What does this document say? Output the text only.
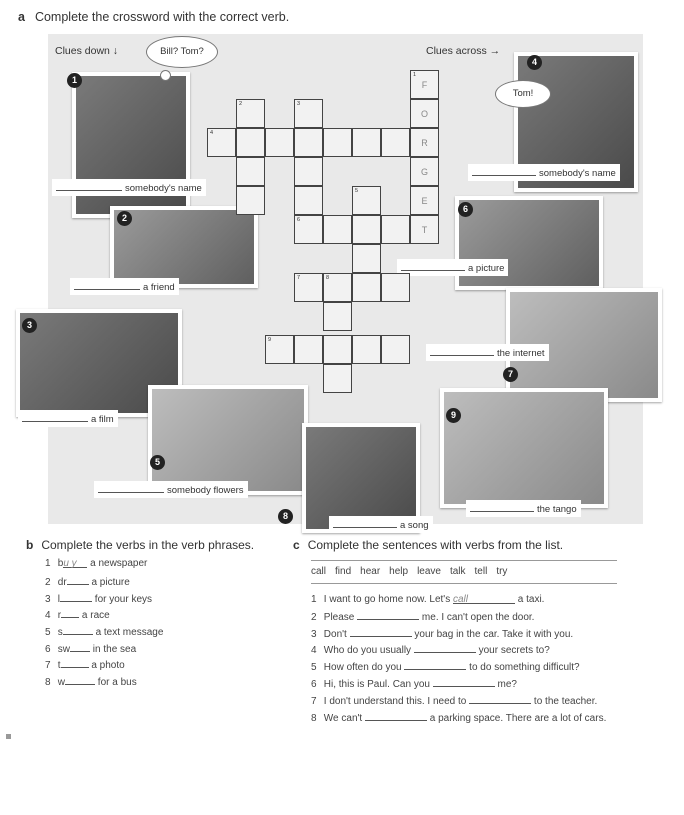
a Complete the crossword with the correct verb.
Clues down ↓	Clues across →
Bill? Tom?
1
somebody's name
Tom!
4
somebody's name
2
a friend
3
a film
5
somebody flowers
6
a picture
7
the internet
8
a song
9
the tango
1
F
O
R
G
E
T
2	3
4
5
6
7	8
9
b Complete the verbs in the verb phrases.
1 bu y a newspaper
2 dr a picture
3 l	for your keys
4 r a race
5 s	a text message
6 sw in the sea
7 t	a photo
8 w	for a bus
c Complete the sentences with verbs from the list.
call find hear help leave talk tell try
1 I want to go home now. Let's call	a taxi.
2 Please	me. I can't open the door.
3 Don't	your bag in the car. Take it with you.
4 Who do you usually	your secrets to?
5 How often do you	to do something difficult?
6 Hi, this is Paul. Can you	me?
7 I don't understand this. I need to	to the teacher.
8 We can't	a parking space. There are a lot of cars.
